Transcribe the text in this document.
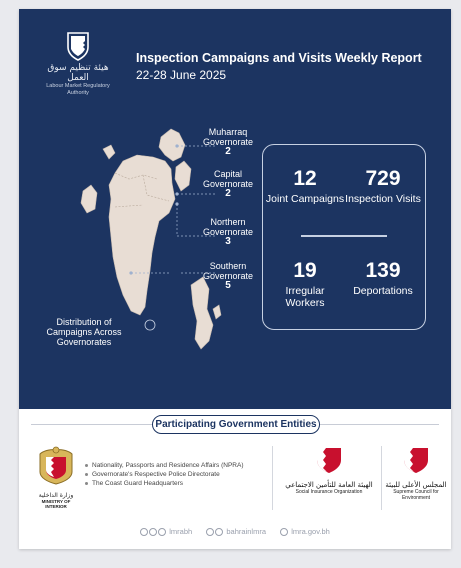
هيئة تنظيم سوق العمل
Labour Market Regulatory Authority
Inspection Campaigns and Visits Weekly Report
22-28 June 2025
Muharraq Governorate
2
Capital Governorate
2
Northern Governorate
3
Southern Governorate
5
Distribution of Campaigns Across Governorates
12
Joint Campaigns
729
Inspection Visits
19
Irregular Workers
139
Deportations
Participating Government Entities
وزارة الداخلية
MINISTRY OF INTERIOR
Nationality, Passports and Residence Affairs (NPRA)
Governorate's Respective Police Directorate
The Coast Guard Headquarters	الهيئة العامة للتأمين الاجتماعي
Social Insurance Organization
المجلس الأعلى للبيئة
Supreme Council for Environment
lmrabh	bahrainlmra	lmra.gov.bh
